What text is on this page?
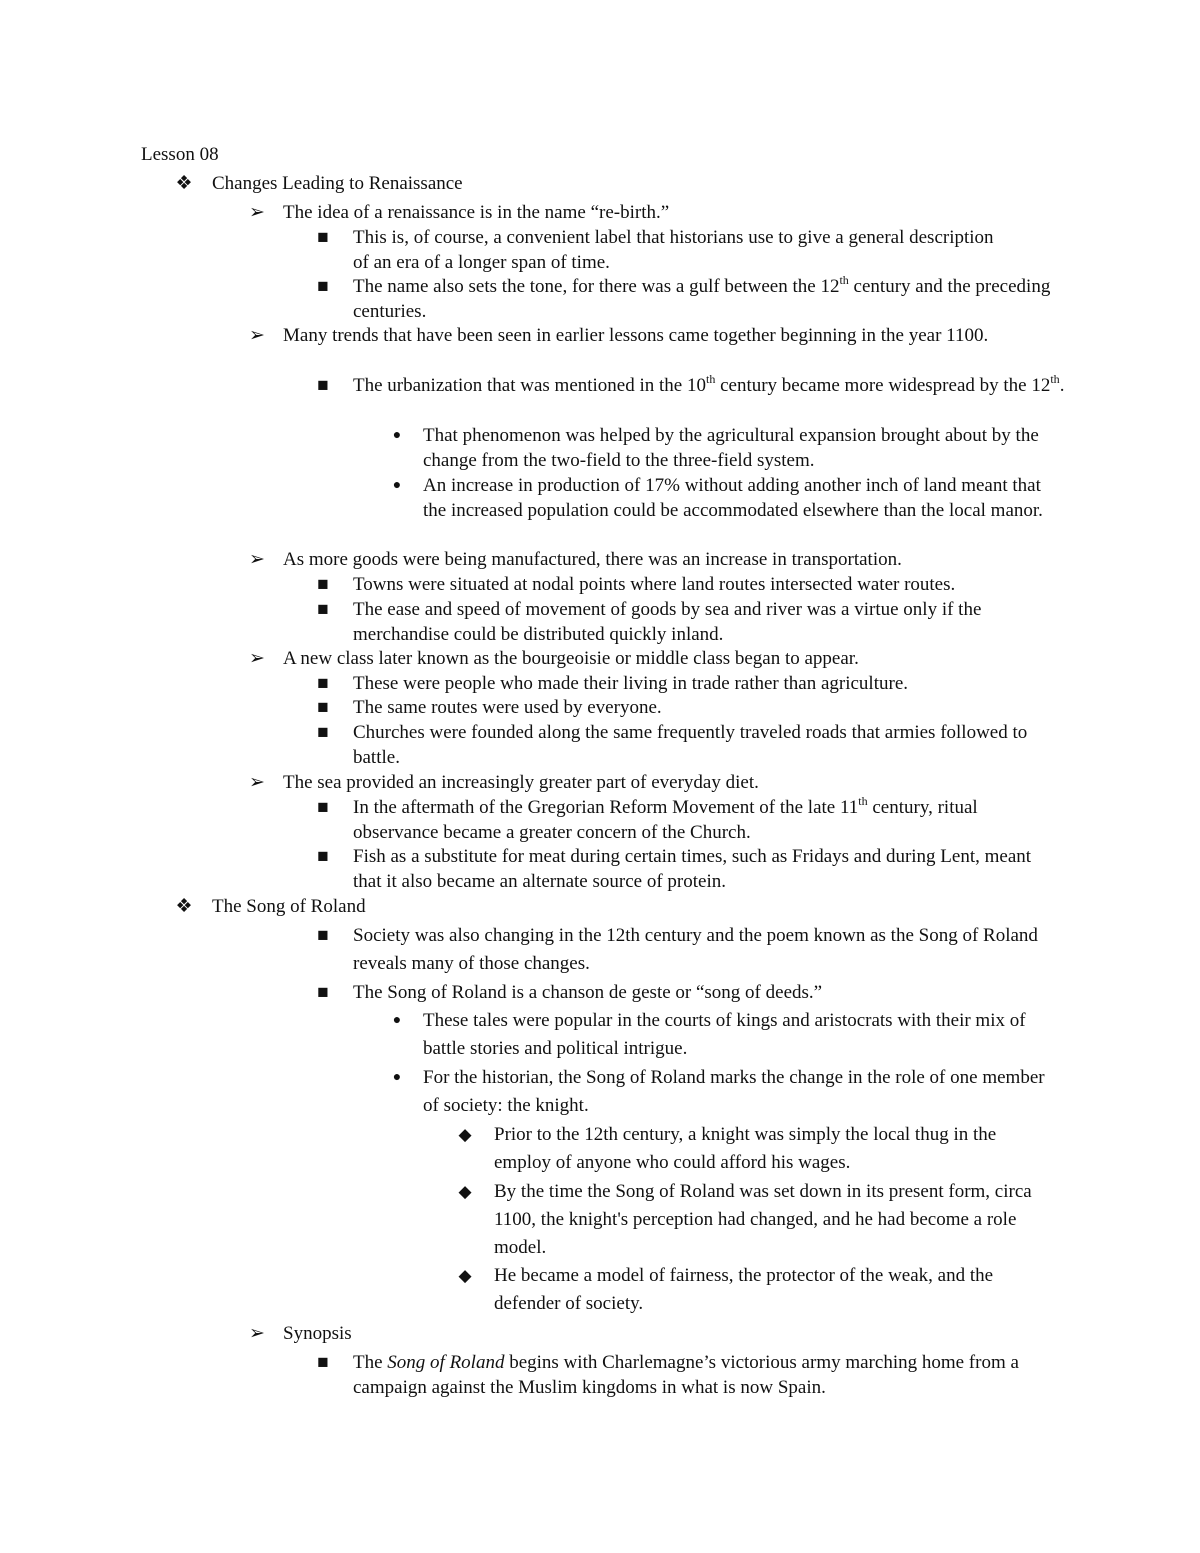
Lesson 08
❖ Changes Leading to Renaissance
➢ The idea of a renaissance is in the name “re-birth.”
■ This is, of course, a convenient label that historians use to give a general description of an era of a longer span of time.
■ The name also sets the tone, for there was a gulf between the 12th century and the preceding centuries.
➢ Many trends that have been seen in earlier lessons came together beginning in the year 1100.
■ The urbanization that was mentioned in the 10th century became more widespread by the 12th.
●	That phenomenon was helped by the agricultural expansion brought about by the change from the two-field to the three-field system.
●	An increase in production of 17% without adding another inch of land meant that the increased population could be accommodated elsewhere than the local manor.
➢ As more goods were being manufactured, there was an increase in transportation.
■ Towns were situated at nodal points where land routes intersected water routes.
■ The ease and speed of movement of goods by sea and river was a virtue only if the merchandise could be distributed quickly inland.
➢ A new class later known as the bourgeoisie or middle class began to appear.
■ These were people who made their living in trade rather than agriculture.
■ The same routes were used by everyone.
■ Churches were founded along the same frequently traveled roads that armies followed to battle.
➢ The sea provided an increasingly greater part of everyday diet.
■ In the aftermath of the Gregorian Reform Movement of the late 11th century, ritual observance became a greater concern of the Church.
■ Fish as a substitute for meat during certain times, such as Fridays and during Lent, meant that it also became an alternate source of protein.
❖ The Song of Roland
■ Society was also changing in the 12th century and the poem known as the Song of Roland reveals many of those changes.
■ The Song of Roland is a chanson de geste or “song of deeds.”
●	These tales were popular in the courts of kings and aristocrats with their mix of battle stories and political intrigue.
●	For the historian, the Song of Roland marks the change in the role of one member of society: the knight.
◆ Prior to the 12th century, a knight was simply the local thug in the employ of anyone who could afford his wages.
◆ By the time the Song of Roland was set down in its present form, circa 1100, the knight's perception had changed, and he had become a role model.
◆ He became a model of fairness, the protector of the weak, and the defender of society.
➢ Synopsis
■ The Song of Roland begins with Charlemagne’s victorious army marching home from a campaign against the Muslim kingdoms in what is now Spain.
